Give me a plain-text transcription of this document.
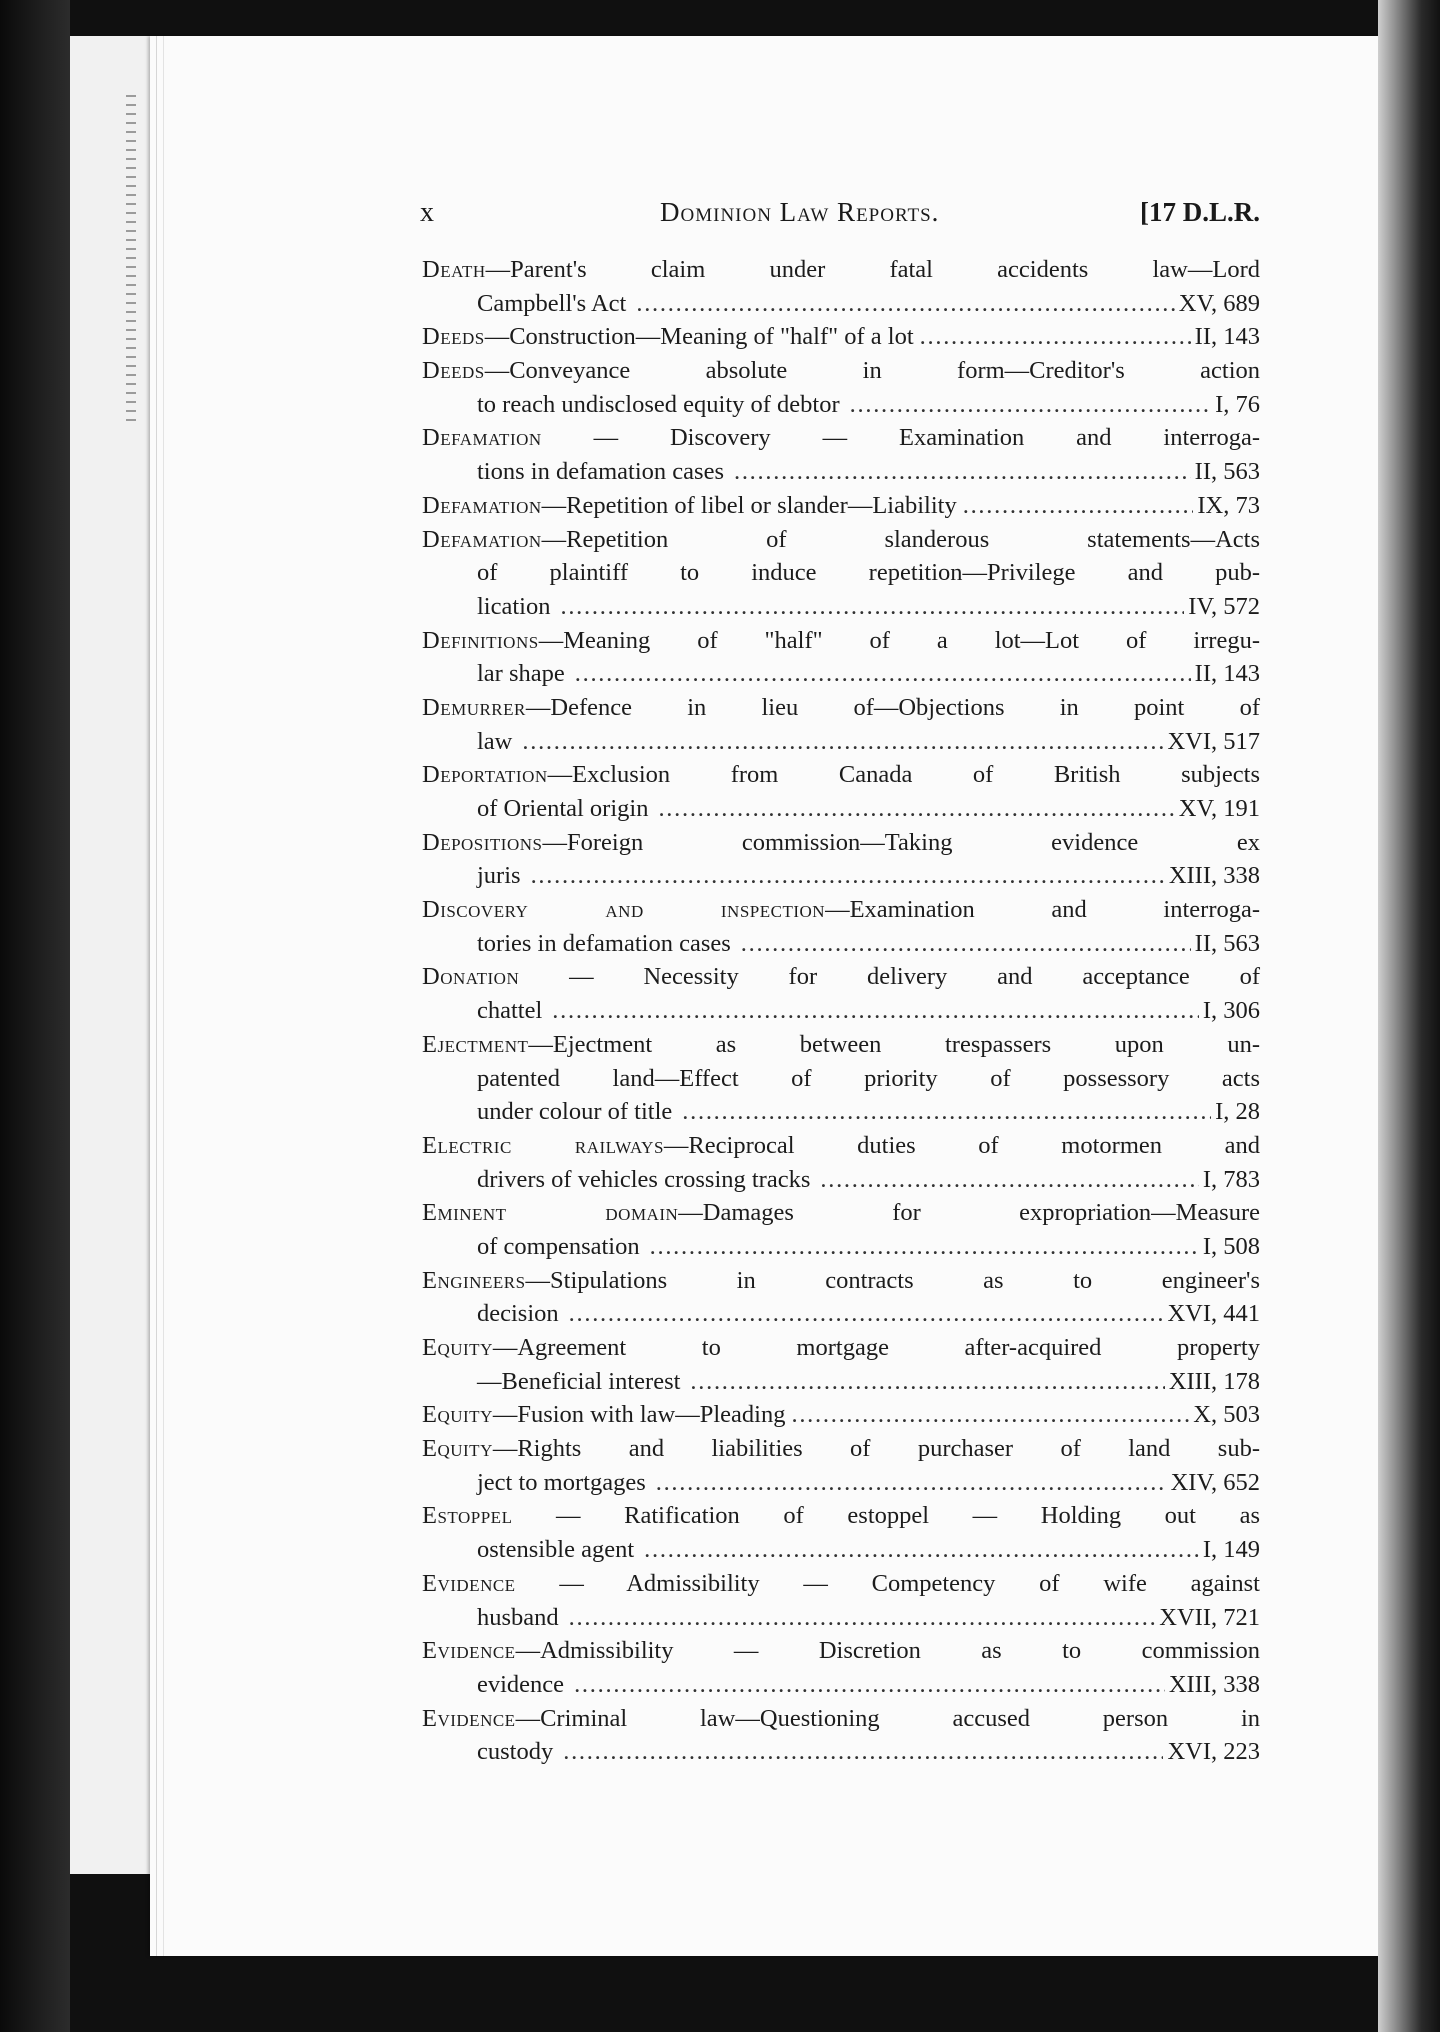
x	Dominion Law Reports.	[17 D.L.R.
Death—Parent's claim under fatal accidents law—Lord
Campbell's Act . . .	XV, 689
Deeds—Construction—Meaning of "half" of a lot . . .	II, 143
Deeds—Conveyance absolute in form—Creditor's action
to reach undisclosed equity of debtor . . .	I, 76
Defamation — Discovery — Examination and interroga-
tions in defamation cases . . .	II, 563
Defamation—Repetition of libel or slander—Liability . . .	IX, 73
Defamation—Repetition of slanderous statements—Acts
of plaintiff to induce repetition—Privilege and pub-
lication . . .	IV, 572
Definitions—Meaning of "half" of a lot—Lot of irregu-
lar shape . . .	II, 143
Demurrer—Defence in lieu of—Objections in point of
law . . .	XVI, 517
Deportation—Exclusion from Canada of British subjects
of Oriental origin . . .	XV, 191
Depositions—Foreign commission—Taking evidence ex
juris . . .	XIII, 338
Discovery and inspection—Examination and interroga-
tories in defamation cases . . .	II, 563
Donation — Necessity for delivery and acceptance of
chattel . . .	I, 306
Ejectment—Ejectment as between trespassers upon un-
patented land—Effect of priority of possessory acts
under colour of title . . .	I, 28
Electric railways—Reciprocal duties of motormen and
drivers of vehicles crossing tracks . . .	I, 783
Eminent domain—Damages for expropriation—Measure
of compensation . . .	I, 508
Engineers—Stipulations in contracts as to engineer's
decision . . .	XVI, 441
Equity—Agreement to mortgage after-acquired property
—Beneficial interest . . .	XIII, 178
Equity—Fusion with law—Pleading . . .	X, 503
Equity—Rights and liabilities of purchaser of land sub-
ject to mortgages . . .	XIV, 652
Estoppel — Ratification of estoppel — Holding out as
ostensible agent . . .	I, 149
Evidence — Admissibility — Competency of wife against
husband . . .	XVII, 721
Evidence—Admissibility — Discretion as to commission
evidence . . .	XIII, 338
Evidence—Criminal law—Questioning accused person in
custody . . .	XVI, 223
